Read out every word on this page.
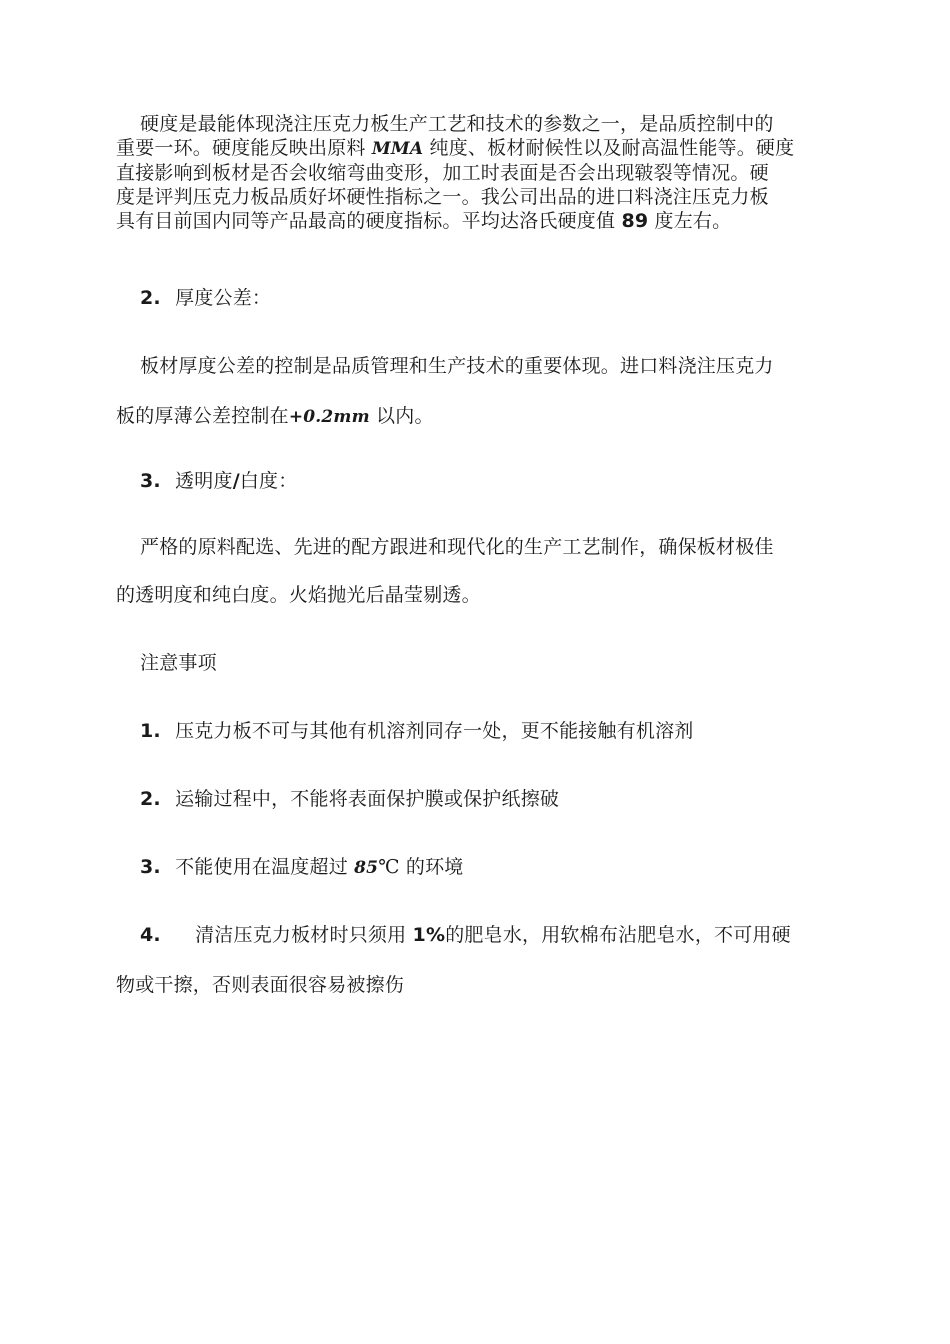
硬度是最能体现浇注压克力板生产工艺和技术的参数之一，是品质控制中的
重要一环。硬度能反映出原料 MMA 纯度、板材耐候性以及耐高温性能等。硬度
直接影响到板材是否会收缩弯曲变形，加工时表面是否会出现皲裂等情况。硬
度是评判压克力板品质好坏硬性指标之一。我公司出品的进口料浇注压克力板
具有目前国内同等产品最高的硬度指标。平均达洛氏硬度值 89 度左右。
2. 厚度公差：
板材厚度公差的控制是品质管理和生产技术的重要体现。进口料浇注压克力
板的厚薄公差控制在+0.2mm 以内。
3. 透明度/白度：
严格的原料配选、先进的配方跟进和现代化的生产工艺制作，确保板材极佳
的透明度和纯白度。火焰抛光后晶莹剔透。
注意事项
1. 压克力板不可与其他有机溶剂同存一处，更不能接触有机溶剂
2. 运输过程中，不能将表面保护膜或保护纸擦破
3. 不能使用在温度超过 85℃ 的环境
4. 清洁压克力板材时只须用 1%的肥皂水，用软棉布沾肥皂水，不可用硬
物或干擦，否则表面很容易被擦伤
